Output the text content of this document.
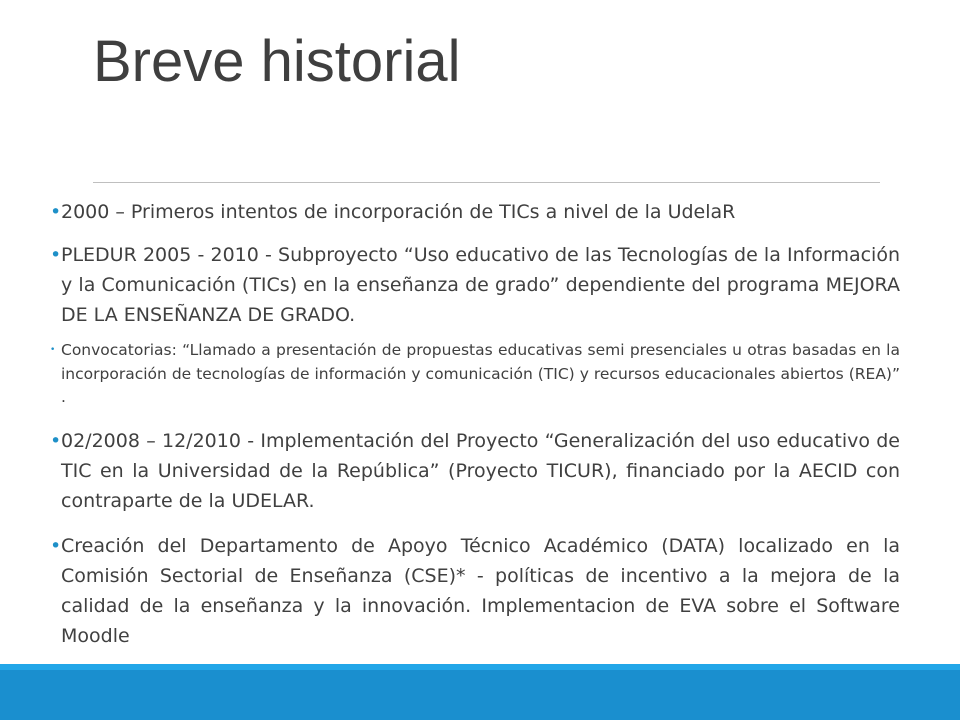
Breve historial

• 2000 – Primeros intentos de incorporación de TICs a nivel de la UdelaR

• PLEDUR 2005 - 2010 - Subproyecto “Uso educativo de las Tecnologías de la Información y la Comunicación (TICs) en la enseñanza de grado” dependiente del programa MEJORA DE LA ENSEÑANZA DE GRADO.

• Convocatorias: “Llamado a presentación de propuestas educativas semi presenciales u otras basadas en la incorporación de tecnologías de información y comunicación (TIC) y recursos educacionales abiertos (REA)” .

• 02/2008 – 12/2010 - Implementación del Proyecto “Generalización del uso educativo de TIC en la Universidad de la República” (Proyecto TICUR), financiado por la AECID con contraparte de la UDELAR.

• Creación del Departamento de Apoyo Técnico Académico (DATA) localizado en la Comisión Sectorial de Enseñanza (CSE)* - políticas de incentivo a la mejora de la calidad de la enseñanza y la innovación. Implementacion de EVA sobre el Software Moodle
